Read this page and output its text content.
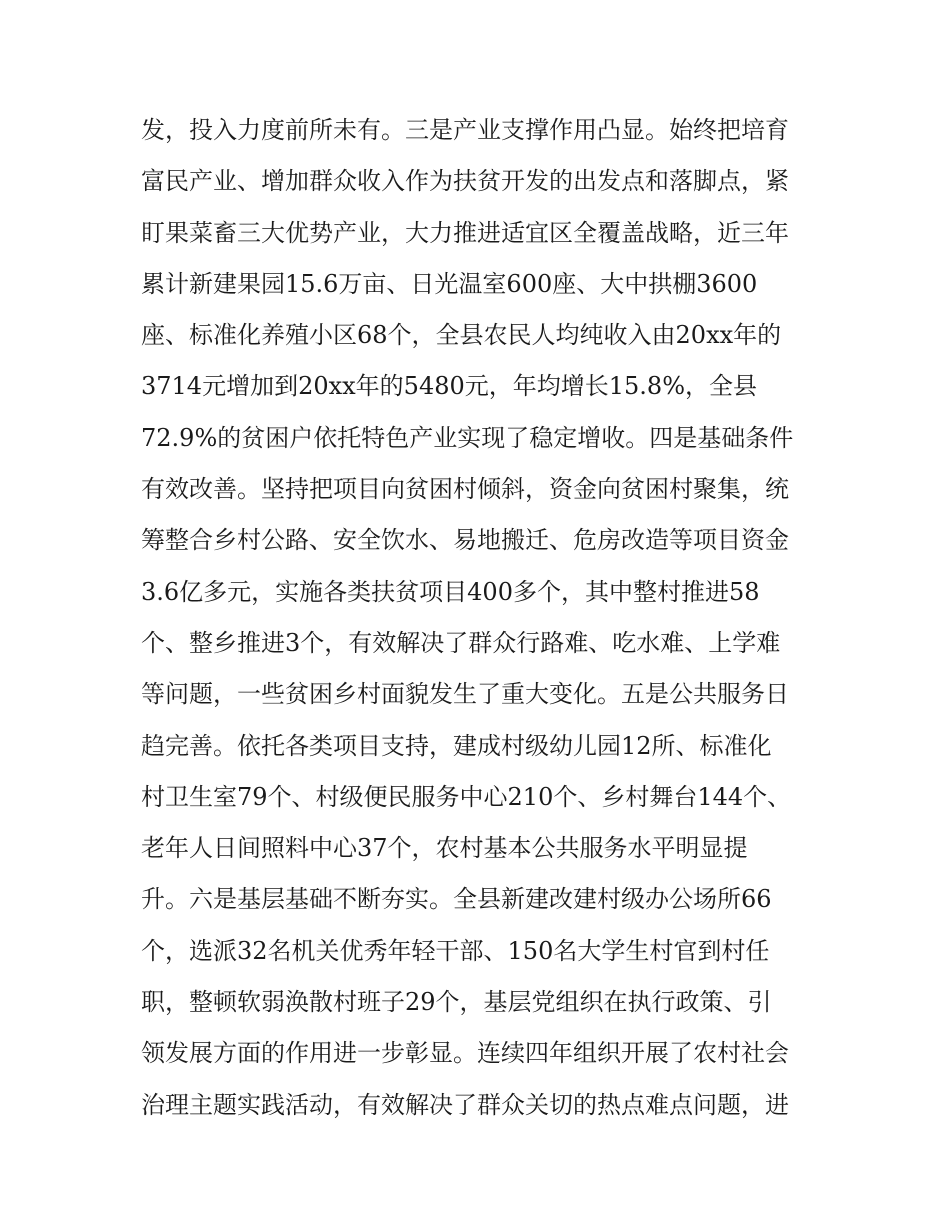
发，投入力度前所未有。三是产业支撑作用凸显。始终把培育
富民产业、增加群众收入作为扶贫开发的出发点和落脚点，紧
盯果菜畜三大优势产业，大力推进适宜区全覆盖战略，近三年
累计新建果园15.6万亩、日光温室600座、大中拱棚3600
座、标准化养殖小区68个，全县农民人均纯收入由20xx年的
3714元增加到20xx年的5480元，年均增长15.8%，全县
72.9%的贫困户依托特色产业实现了稳定增收。四是基础条件
有效改善。坚持把项目向贫困村倾斜，资金向贫困村聚集，统
筹整合乡村公路、安全饮水、易地搬迁、危房改造等项目资金
3.6亿多元，实施各类扶贫项目400多个，其中整村推进58
个、整乡推进3个，有效解决了群众行路难、吃水难、上学难
等问题，一些贫困乡村面貌发生了重大变化。五是公共服务日
趋完善。依托各类项目支持，建成村级幼儿园12所、标准化
村卫生室79个、村级便民服务中心210个、乡村舞台144个、
老年人日间照料中心37个，农村基本公共服务水平明显提
升。六是基层基础不断夯实。全县新建改建村级办公场所66
个，选派32名机关优秀年轻干部、150名大学生村官到村任
职，整顿软弱涣散村班子29个，基层党组织在执行政策、引
领发展方面的作用进一步彰显。连续四年组织开展了农村社会
治理主题实践活动，有效解决了群众关切的热点难点问题，进
